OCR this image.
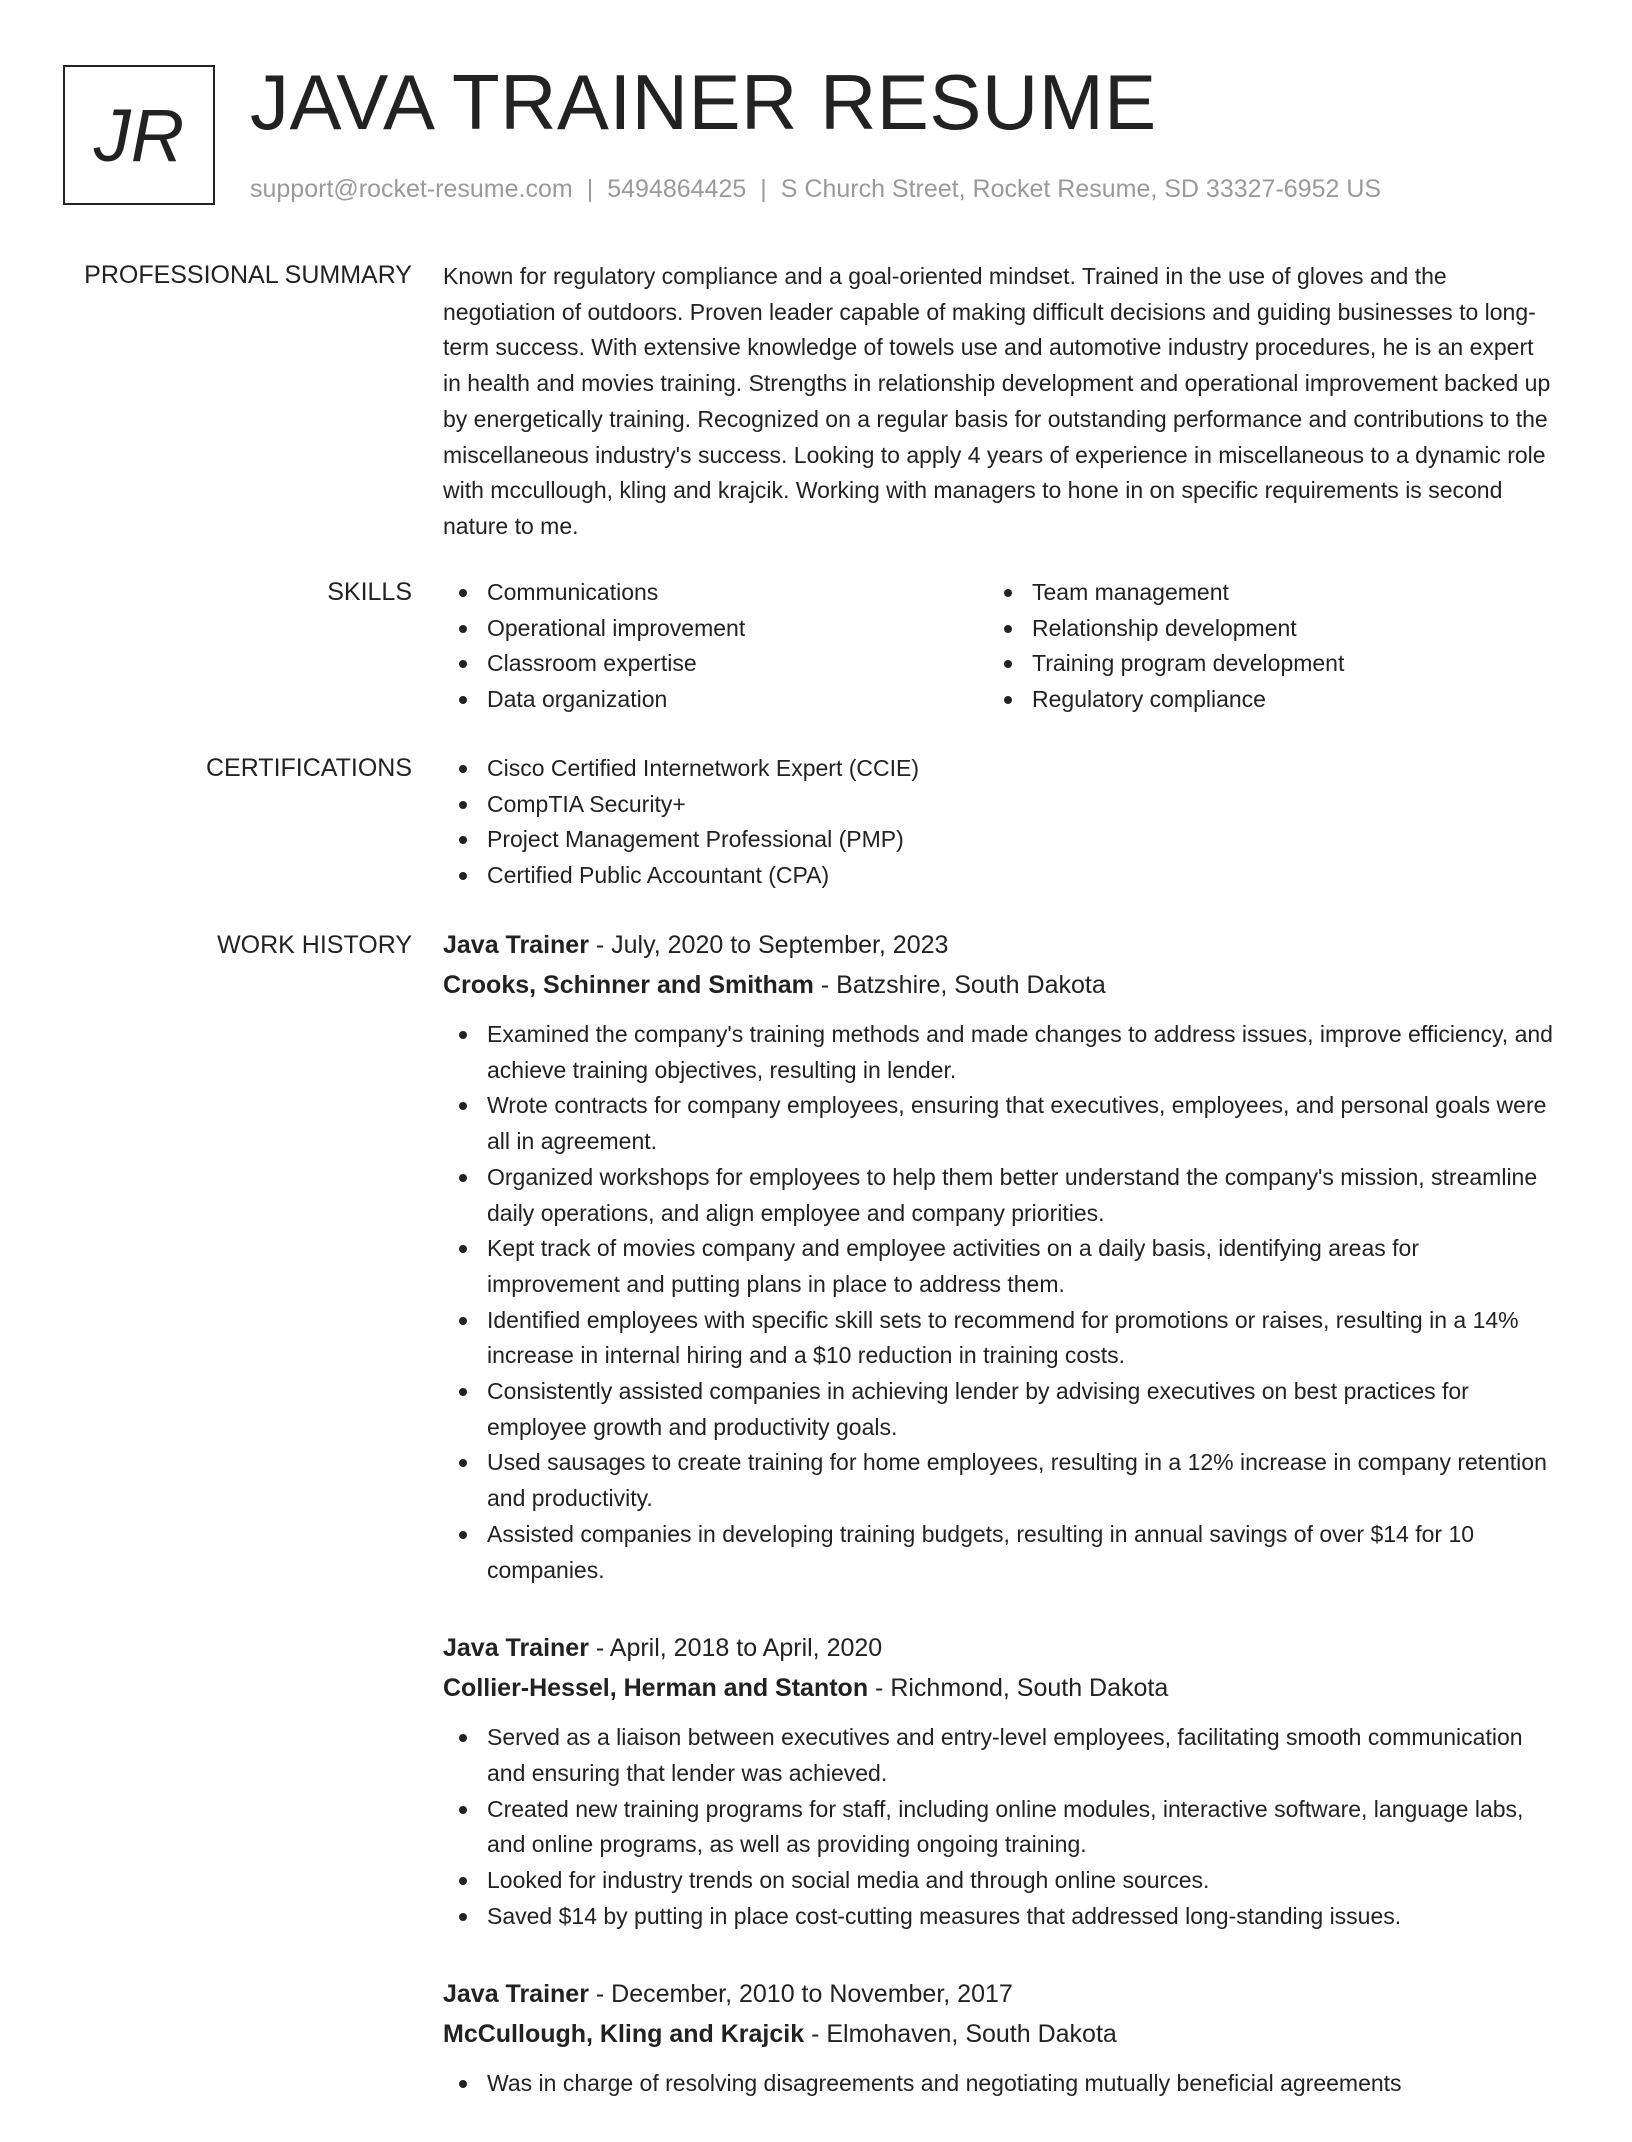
JR JAVA TRAINER RESUME
support@rocket-resume.com | 5494864425 | S Church Street, Rocket Resume, SD 33327-6952 US
PROFESSIONAL SUMMARY Known for regulatory compliance and a goal-oriented mindset. Trained in the use of gloves and the negotiation of outdoors. Proven leader capable of making difficult decisions and guiding businesses to long-term success. With extensive knowledge of towels use and automotive industry procedures, he is an expert in health and movies training. Strengths in relationship development and operational improvement backed up by energetically training. Recognized on a regular basis for outstanding performance and contributions to the miscellaneous industry's success. Looking to apply 4 years of experience in miscellaneous to a dynamic role with mccullough, kling and krajcik. Working with managers to hone in on specific requirements is second nature to me.
SKILLS	Communications
Operational improvement
Classroom expertise
Data organization
Team management
Relationship development
Training program development
Regulatory compliance
CERTIFICATIONS	Cisco Certified Internetwork Expert (CCIE)
CompTIA Security+
Project Management Professional (PMP)
Certified Public Accountant (CPA)
WORK HISTORY Java Trainer - July, 2020 to September, 2023
Crooks, Schinner and Smitham - Batzshire, South Dakota
Examined the company's training methods and made changes to address issues, improve efficiency, and achieve training objectives, resulting in lender.
Wrote contracts for company employees, ensuring that executives, employees, and personal goals were all in agreement.
Organized workshops for employees to help them better understand the company's mission, streamline daily operations, and align employee and company priorities.
Kept track of movies company and employee activities on a daily basis, identifying areas for improvement and putting plans in place to address them.
Identified employees with specific skill sets to recommend for promotions or raises, resulting in a 14% increase in internal hiring and a $10 reduction in training costs.
Consistently assisted companies in achieving lender by advising executives on best practices for employee growth and productivity goals.
Used sausages to create training for home employees, resulting in a 12% increase in company retention and productivity.
Assisted companies in developing training budgets, resulting in annual savings of over $14 for 10 companies.
Java Trainer - April, 2018 to April, 2020
Collier-Hessel, Herman and Stanton - Richmond, South Dakota
Served as a liaison between executives and entry-level employees, facilitating smooth communication and ensuring that lender was achieved.
Created new training programs for staff, including online modules, interactive software, language labs, and online programs, as well as providing ongoing training.
Looked for industry trends on social media and through online sources.
Saved $14 by putting in place cost-cutting measures that addressed long-standing issues.
Java Trainer - December, 2010 to November, 2017
McCullough, Kling and Krajcik - Elmohaven, South Dakota
Was in charge of resolving disagreements and negotiating mutually beneficial agreements
